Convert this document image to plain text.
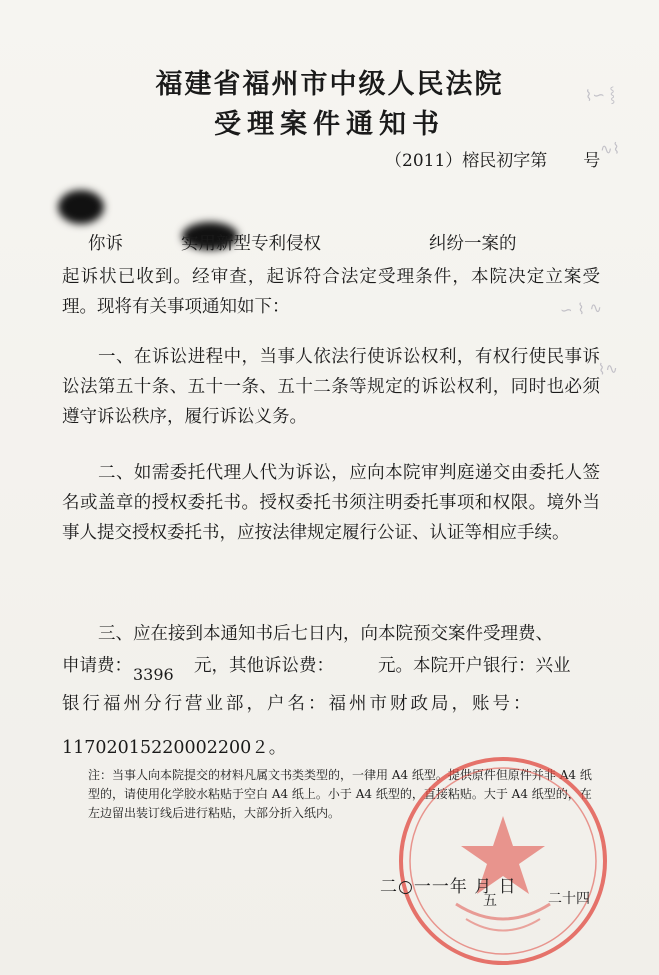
福建省福州市中级人民法院
受理案件通知书
（2011）榕民初字第 号
⌇∽ ⸾
∿⌇
∽ ⌇ ∿
⌇∿
你诉	实用新型专利侵权	纠纷一案的
起诉状已收到。经审查，起诉符合法定受理条件，本院决定立案受理。现将有关事项通知如下：
一、在诉讼进程中，当事人依法行使诉讼权利，有权行使民事诉讼法第五十条、五十一条、五十二条等规定的诉讼权利，同时也必须遵守诉讼秩序，履行诉讼义务。
二、如需委托代理人代为诉讼，应向本院审判庭递交由委托人签名或盖章的授权委托书。授权委托书须注明委托事项和权限。境外当事人提交授权委托书，应按法律规定履行公证、认证等相应手续。
三、应在接到本通知书后七日内，向本院预交案件受理费、
申请费：	元，其他诉讼费：	元。本院开户银行：兴业
3396
银行福州分行营业部，户名：福州市财政局，账号：
11702015220002200２。
注：当事人向本院提交的材料凡属文书类类型的，一律用 A4 纸型。提供原件但原件并非 A4 纸型的，请使用化学胶水粘贴于空白 A4 纸上。小于 A4 纸型的，直接粘贴。大于 A4 纸型的，在左边留出装订线后进行粘贴，大部分折入纸内。
二○一一年 月 日
五	二十四
